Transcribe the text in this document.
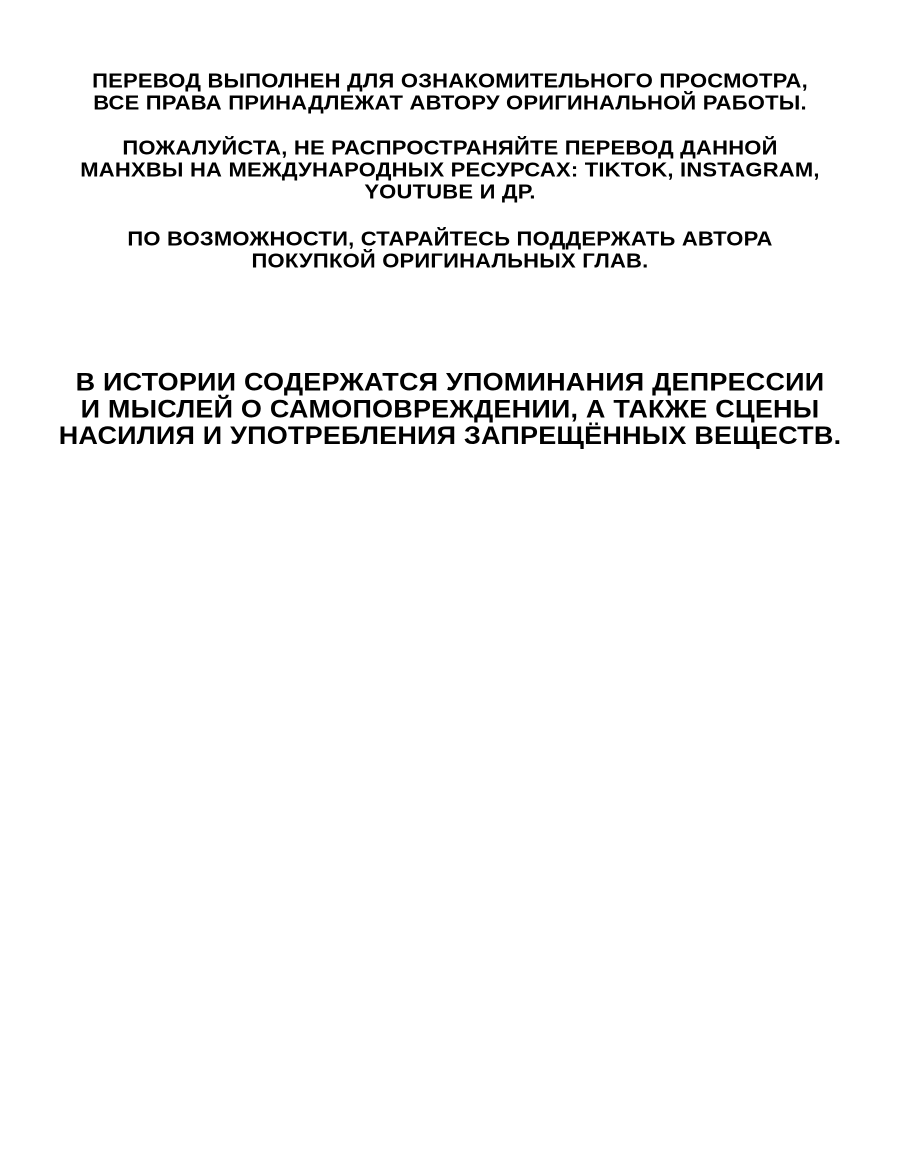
ПЕРЕВОД ВЫПОЛНЕН ДЛЯ ОЗНАКОМИТЕЛЬНОГО ПРОСМОТРА,
ВСЕ ПРАВА ПРИНАДЛЕЖАТ АВТОРУ ОРИГИНАЛЬНОЙ РАБОТЫ.
ПОЖАЛУЙСТА, НЕ РАСПРОСТРАНЯЙТЕ ПЕРЕВОД ДАННОЙ
МАНХВЫ НА МЕЖДУНАРОДНЫХ РЕСУРСАХ: TIKTOK, INSTAGRAM,
YOUTUBE И ДР.
ПО ВОЗМОЖНОСТИ, СТАРАЙТЕСЬ ПОДДЕРЖАТЬ АВТОРА
ПОКУПКОЙ ОРИГИНАЛЬНЫХ ГЛАВ.
В ИСТОРИИ СОДЕРЖАТСЯ УПОМИНАНИЯ ДЕПРЕССИИ
И МЫСЛЕЙ О САМОПОВРЕЖДЕНИИ, А ТАКЖЕ СЦЕНЫ
НАСИЛИЯ И УПОТРЕБЛЕНИЯ ЗАПРЕЩЁННЫХ ВЕЩЕСТВ.
